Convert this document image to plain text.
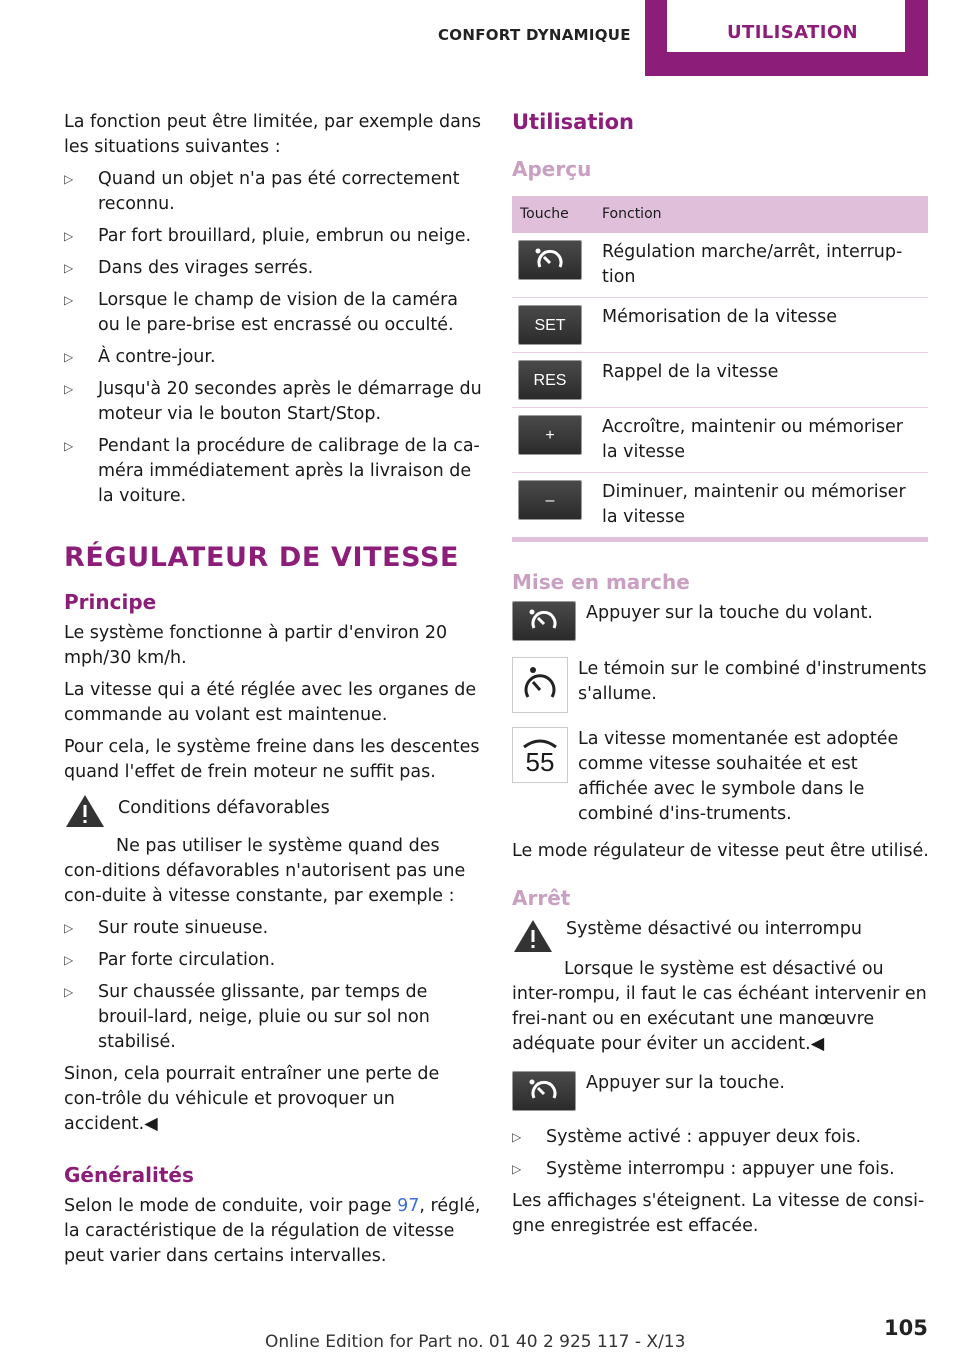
CONFORT DYNAMIQUE	UTILISATION

La fonction peut être limitée, par exemple dans les situations suivantes :

▷ Quand un objet n'a pas été correctement reconnu.
▷ Par fort brouillard, pluie, embrun ou neige.
▷ Dans des virages serrés.
▷ Lorsque le champ de vision de la caméra ou le pare-brise est encrassé ou occulté.
▷ À contre-jour.
▷ Jusqu'à 20 secondes après le démarrage du moteur via le bouton Start/Stop.
▷ Pendant la procédure de calibrage de la ca-méra immédiatement après la livraison de la voiture.
RÉGULATEUR DE VITESSE
Principe

Le système fonctionne à partir d'environ 20 mph/30 km/h.

La vitesse qui a été réglée avec les organes de commande au volant est maintenue.

Pour cela, le système freine dans les descentes quand l'effet de frein moteur ne suffit pas.

Conditions défavorables

Ne pas utiliser le système quand des con-ditions défavorables n'autorisent pas une con-duite à vitesse constante, par exemple :

▷ Sur route sinueuse.
▷ Par forte circulation.
▷ Sur chaussée glissante, par temps de brouil-lard, neige, pluie ou sur sol non stabilisé.

Sinon, cela pourrait entraîner une perte de con-trôle du véhicule et provoquer un accident.◀

Généralités

Selon le mode de conduite, voir page 97, réglé, la caractéristique de la régulation de vitesse peut varier dans certains intervalles.

Utilisation
Aperçu
Touche	Fonction

	Régulation marche/arrêt, interrup-tion

SET	Mémorisation de la vitesse

RES	Rappel de la vitesse

+	Accroître, maintenir ou mémoriser la vitesse

–	Diminuer, maintenir ou mémoriser la vitesse
Mise en marche
Appuyer sur la touche du volant.
Le témoin sur le combiné d'instruments s'allume.
55
La vitesse momentanée est adoptée comme vitesse souhaitée et est affichée avec le symbole dans le combiné d'ins-truments.

Le mode régulateur de vitesse peut être utilisé.

Arrêt
Système désactivé ou interrompu

Lorsque le système est désactivé ou inter-rompu, il faut le cas échéant intervenir en frei-nant ou en exécutant une manœuvre adéquate pour éviter un accident.◀

Appuyer sur la touche.
▷ Système activé : appuyer deux fois.
▷ Système interrompu : appuyer une fois.

Les affichages s'éteignent. La vitesse de consi-gne enregistrée est effacée.

105
Online Edition for Part no. 01 40 2 925 117 - X/13
